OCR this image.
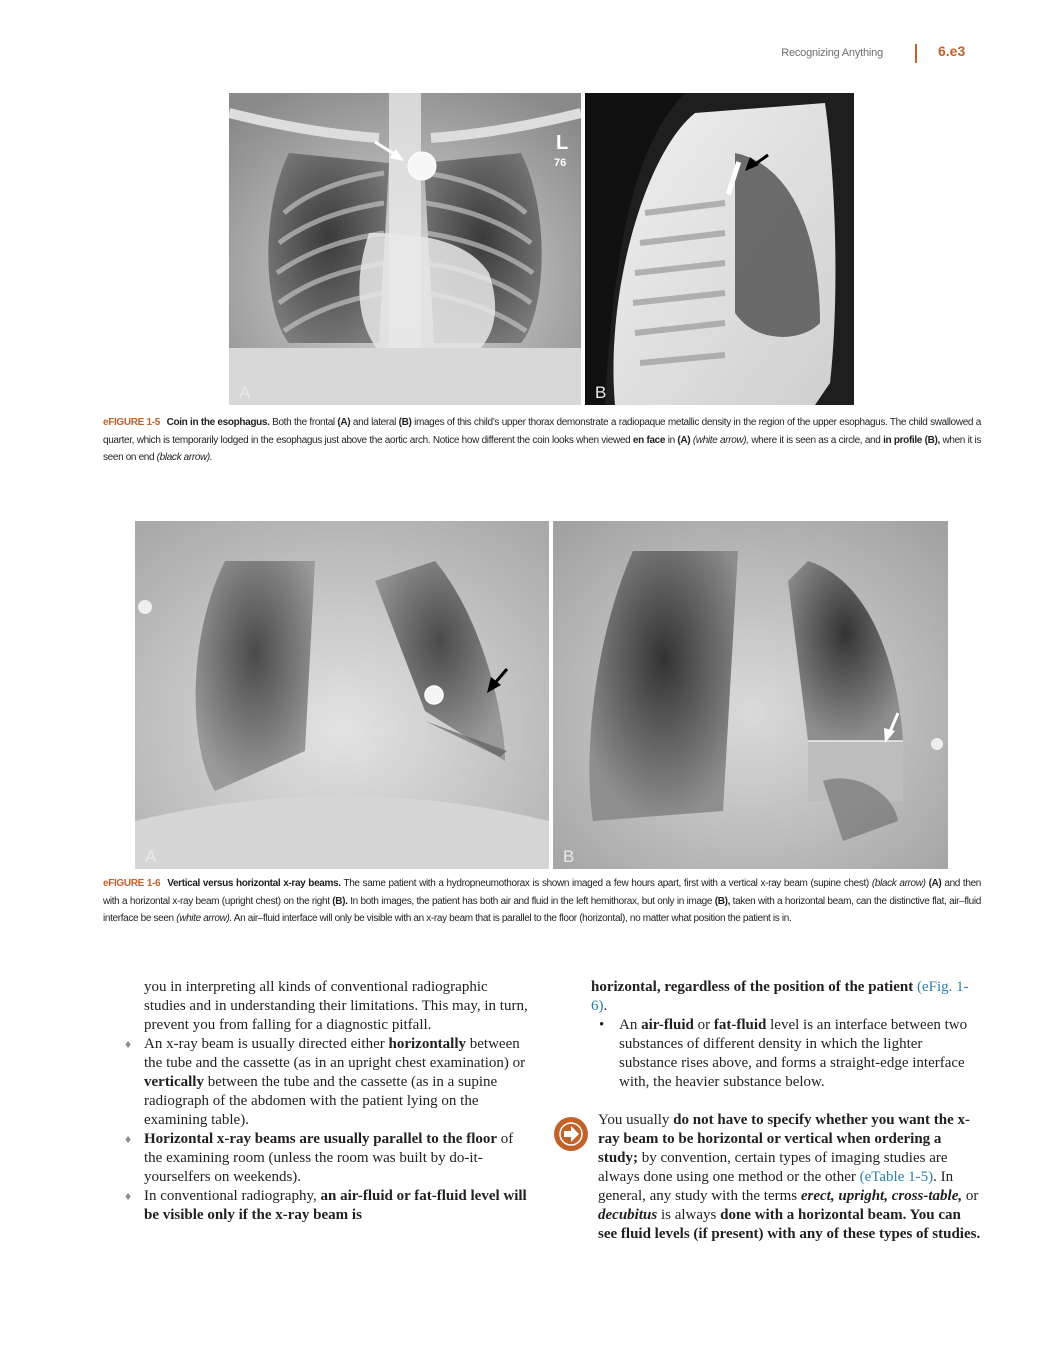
Recognizing Anything	6.e3
L
76
A	B
eFIGURE 1-5 Coin in the esophagus. Both the frontal (A) and lateral (B) images of this child’s upper thorax demonstrate a radiopaque metallic density in the region of the upper esophagus. The child swallowed a quarter, which is temporarily lodged in the esophagus just above the aortic arch. Notice how different the coin looks when viewed en face in (A) (white arrow), where it is seen as a circle, and in profile (B), when it is seen on end (black arrow).
A	B
eFIGURE 1-6 Vertical versus horizontal x-ray beams. The same patient with a hydropneumothorax is shown imaged a few hours apart, first with a vertical x-ray beam (supine chest) (black arrow) (A) and then with a horizontal x-ray beam (upright chest) on the right (B). In both images, the patient has both air and fluid in the left hemithorax, but only in image (B), taken with a horizontal beam, can the distinctive flat, air–fluid interface be seen (white arrow). An air–fluid interface will only be visible with an x-ray beam that is parallel to the floor (horizontal), no matter what position the patient is in.

you in interpreting all kinds of conventional radiographic studies and in understanding their limitations. This may, in turn, prevent you from falling for a diagnostic pitfall.

♦ An x-ray beam is usually directed either horizontally between the tube and the cassette (as in an upright chest examination) or vertically between the tube and the cassette (as in a supine radiograph of the abdomen with the patient lying on the examining table).

♦ Horizontal x-ray beams are usually parallel to the floor of the examining room (unless the room was built by do-it-yourselfers on weekends).

♦ In conventional radiography, an air-fluid or fat-fluid level will be visible only if the x-ray beam is

horizontal, regardless of the position of the patient (eFig. 1-6).

• An air-fluid or fat-fluid level is an interface between two substances of different density in which the lighter substance rises above, and forms a straight-edge interface with, the heavier substance below.

You usually do not have to specify whether you want the x-ray beam to be horizontal or vertical when ordering a study; by convention, certain types of imaging studies are always done using one method or the other (eTable 1-5). In general, any study with the terms erect, upright, cross-table, or decubitus is always done with a horizontal beam. You can see fluid levels (if present) with any of these types of studies.
